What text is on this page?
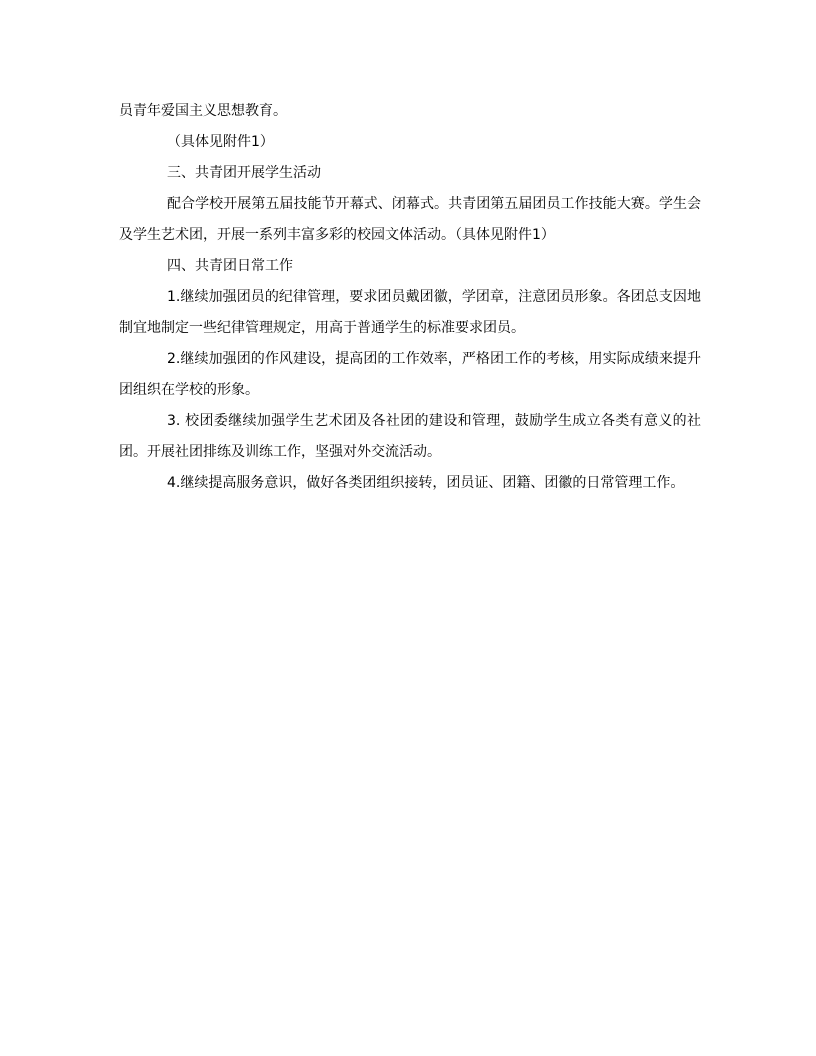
员青年爱国主义思想教育。

（具体见附件1）

三、共青团开展学生活动

配合学校开展第五届技能节开幕式、闭幕式。共青团第五届团员工作技能大赛。学生会及学生艺术团，开展一系列丰富多彩的校园文体活动。（具体见附件1）

四、共青团日常工作

1.继续加强团员的纪律管理，要求团员戴团徽，学团章，注意团员形象。各团总支因地制宜地制定一些纪律管理规定，用高于普通学生的标准要求团员。

2.继续加强团的作风建设，提高团的工作效率，严格团工作的考核，用实际成绩来提升团组织在学校的形象。

3. 校团委继续加强学生艺术团及各社团的建设和管理，鼓励学生成立各类有意义的社团。开展社团排练及训练工作，坚强对外交流活动。

4.继续提高服务意识，做好各类团组织接转，团员证、团籍、团徽的日常管理工作。
